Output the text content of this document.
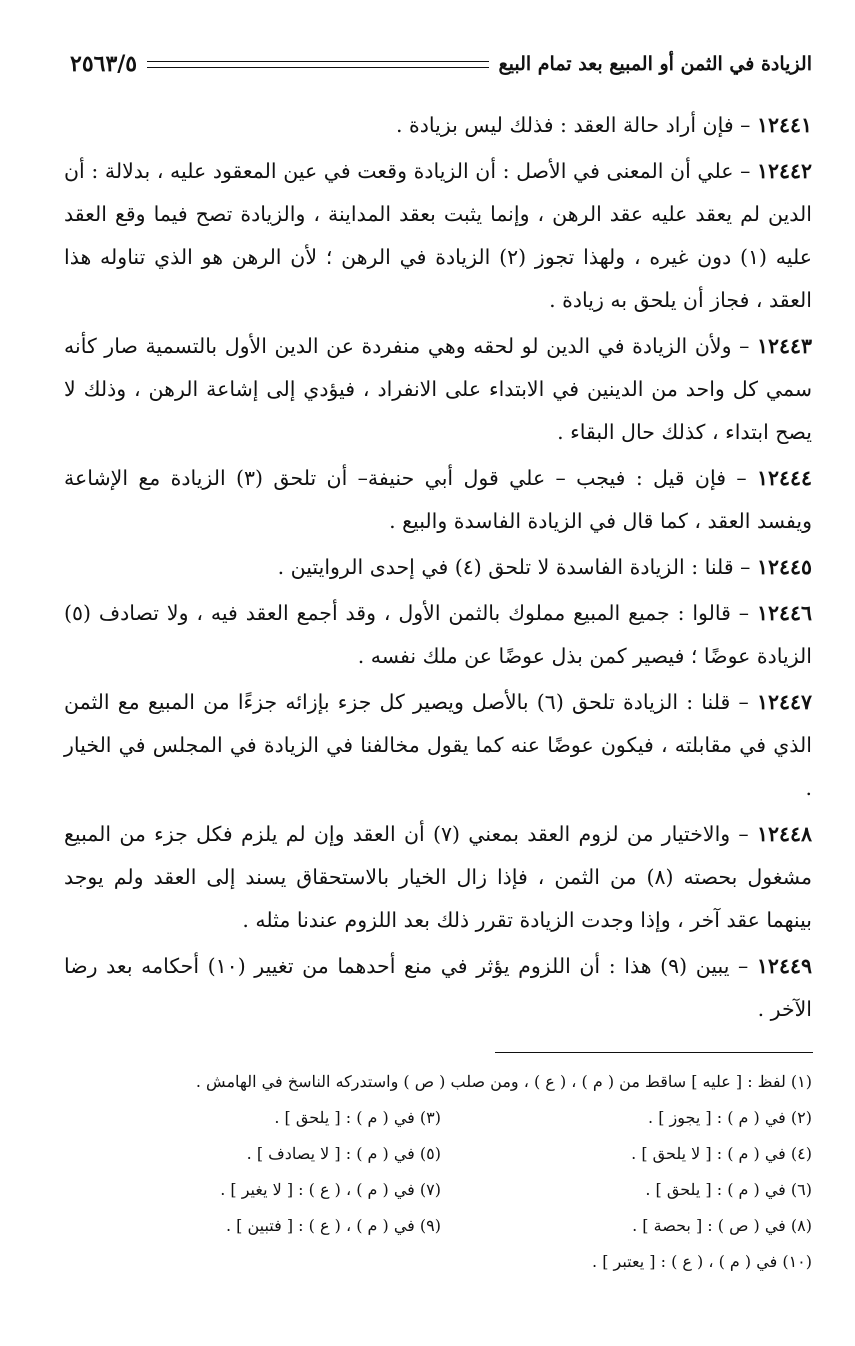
الزيادة في الثمن أو المبيع بعد تمام البيع
٢٥٦٣/٥

١٢٤٤١ – فإن أراد حالة العقد : فذلك ليس بزيادة .

١٢٤٤٢ – علي أن المعنى في الأصل : أن الزيادة وقعت في عين المعقود عليه ، بدلالة : أن الدين لم يعقد عليه عقد الرهن ، وإنما يثبت بعقد المداينة ، والزيادة تصح فيما وقع العقد عليه (١) دون غيره ، ولهذا تجوز (٢) الزيادة في الرهن ؛ لأن الرهن هو الذي تناوله هذا العقد ، فجاز أن يلحق به زيادة .

١٢٤٤٣ – ولأن الزيادة في الدين لو لحقه وهي منفردة عن الدين الأول بالتسمية صار كأنه سمي كل واحد من الدينين في الابتداء على الانفراد ، فيؤدي إلى إشاعة الرهن ، وذلك لا يصح ابتداء ، كذلك حال البقاء .

١٢٤٤٤ – فإن قيل : فيجب – علي قول أبي حنيفة– أن تلحق (٣) الزيادة مع الإشاعة ويفسد العقد ، كما قال في الزيادة الفاسدة والبيع .

١٢٤٤٥ – قلنا : الزيادة الفاسدة لا تلحق (٤) في إحدى الروايتين .

١٢٤٤٦ – قالوا : جميع المبيع مملوك بالثمن الأول ، وقد أجمع العقد فيه ، ولا تصادف (٥) الزيادة عوضًا ؛ فيصير كمن بذل عوضًا عن ملك نفسه .

١٢٤٤٧ – قلنا : الزيادة تلحق (٦) بالأصل ويصير كل جزء بإزائه جزءًا من المبيع مع الثمن الذي في مقابلته ، فيكون عوضًا عنه كما يقول مخالفنا في الزيادة في المجلس في الخيار .

١٢٤٤٨ – والاختيار من لزوم العقد بمعني (٧) أن العقد وإن لم يلزم فكل جزء من المبيع مشغول بحصته (٨) من الثمن ، فإذا زال الخيار بالاستحقاق يسند إلى العقد ولم يوجد بينهما عقد آخر ، وإذا وجدت الزيادة تقرر ذلك بعد اللزوم عندنا مثله .

١٢٤٤٩ – يبين (٩) هذا : أن اللزوم يؤثر في منع أحدهما من تغيير (١٠) أحكامه بعد رضا الآخر .

(١) لفظ : [ عليه ] ساقط من ( م ) ، ( ع ) ، ومن صلب ( ص ) واستدركه الناسخ في الهامش .
(٢) في ( م ) : [ يجوز ] .
(٣) في ( م ) : [ يلحق ] .
(٤) في ( م ) : [ لا يلحق ] .
(٥) في ( م ) : [ لا يصادف ] .
(٦) في ( م ) : [ يلحق ] .
(٧) في ( م ) ، ( ع ) : [ لا يغير ] .
(٨) في ( ص ) : [ بحصة ] .
(٩) في ( م ) ، ( ع ) : [ فتبين ] .
(١٠) في ( م ) ، ( ع ) : [ يعتبر ] .
